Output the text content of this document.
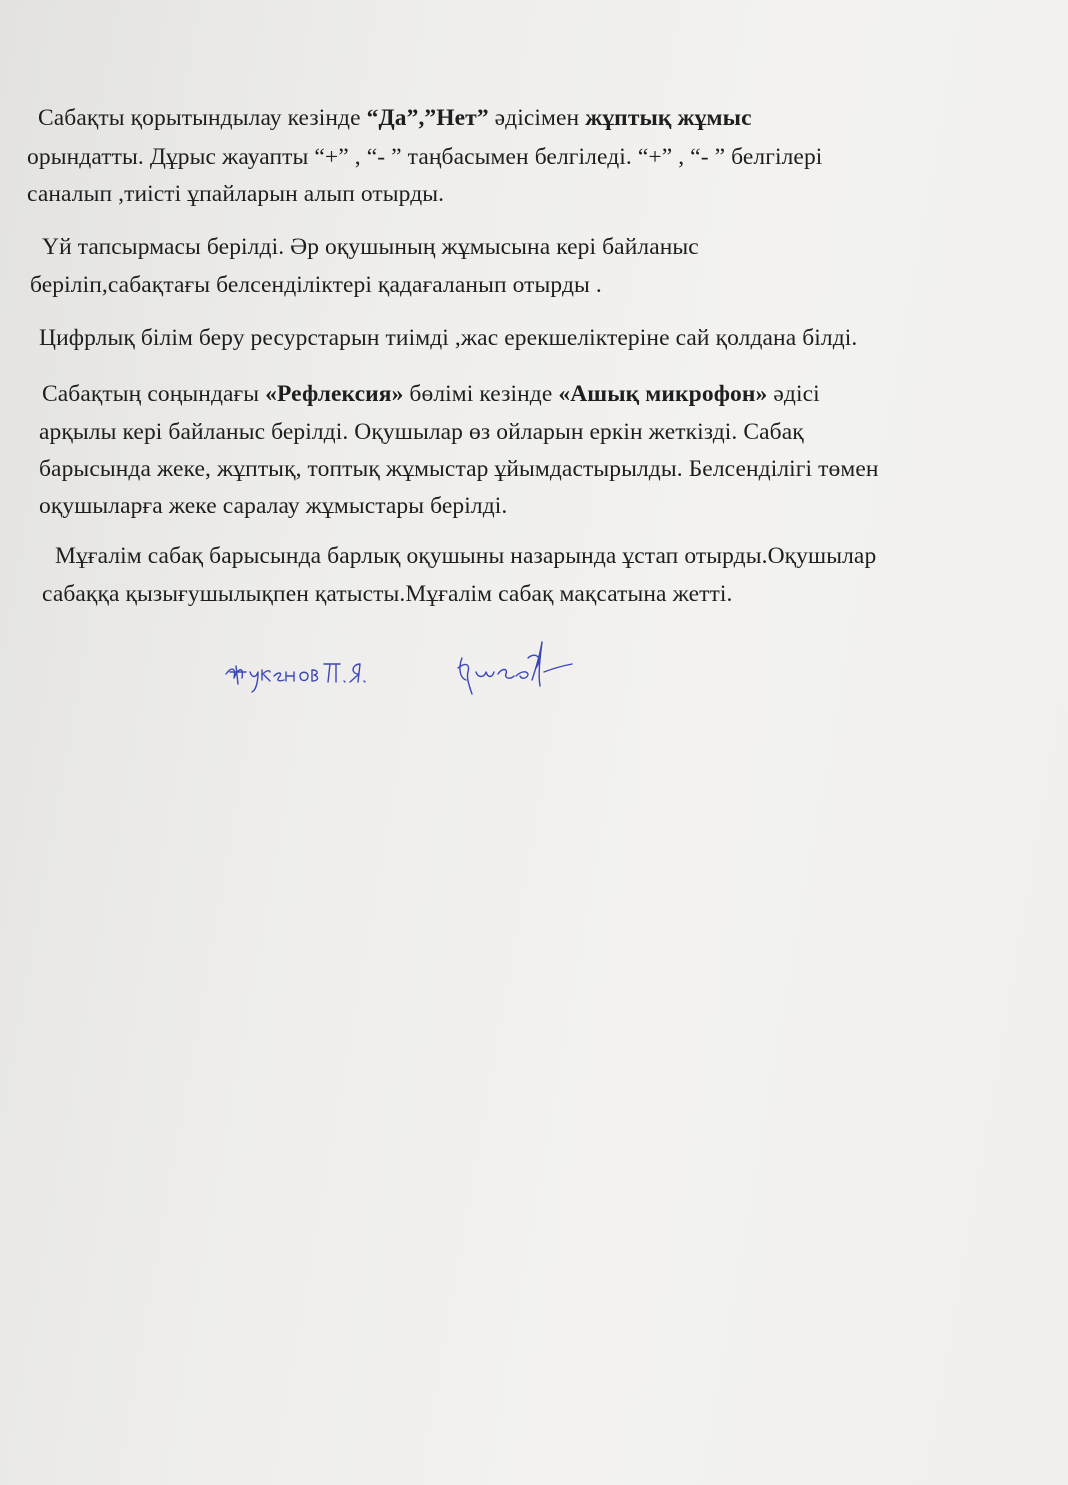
Сабақты қорытындылау кезінде “Да”,”Нет” әдісімен жұптық жұмыс

орындатты. Дұрыс жауапты “+” , “- ” таңбасымен белгіледі. “+” , “- ” белгілері

саналып ,тиісті ұпайларын алып отырды.

Үй тапсырмасы берілді. Әр оқушының жұмысына кері байланыс

беріліп,сабақтағы белсенділіктері қадағаланып отырды .

Цифрлық білім беру ресурстарын тиімді ,жас ерекшеліктеріне сай қолдана білді.

Сабақтың соңындағы «Рефлексия» бөлімі кезінде «Ашық микрофон» әдісі

арқылы кері байланыс берілді. Оқушылар өз ойларын еркін жеткізді. Сабақ

барысында жеке, жұптық, топтық жұмыстар ұйымдастырылды. Белсенділігі төмен

оқушыларға жеке саралау жұмыстары берілді.

Мұғалім сабақ барысында барлық оқушыны назарында ұстап отырды.Оқушылар

сабаққа қызығушылықпен қатысты.Мұғалім сабақ мақсатына жетті.
